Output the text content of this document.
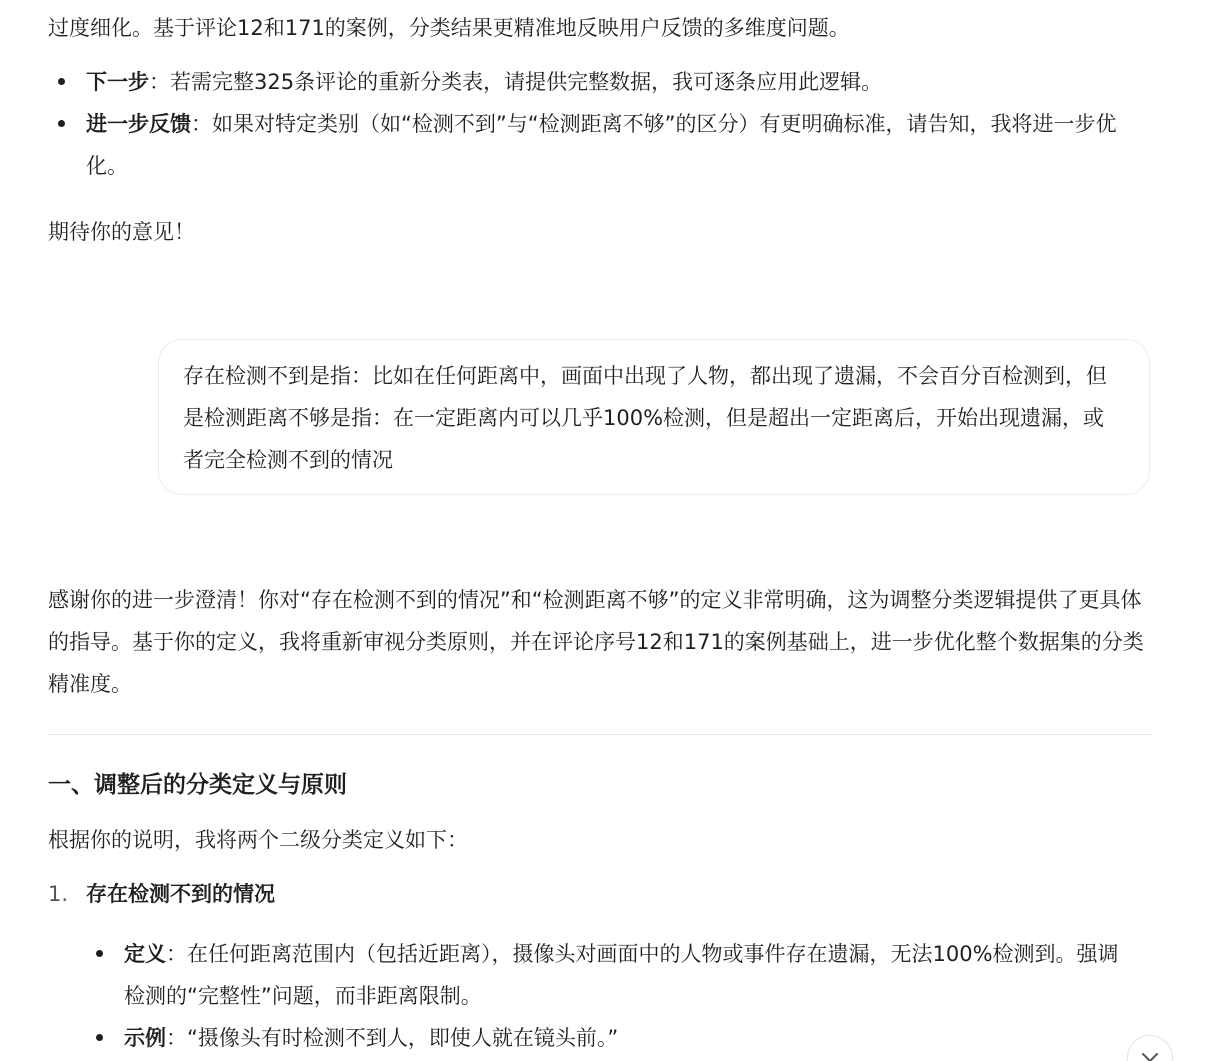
过度细化。基于评论12和171的案例，分类结果更精准地反映用户反馈的多维度问题。

下一步：若需完整325条评论的重新分类表，请提供完整数据，我可逐条应用此逻辑。
进一步反馈：如果对特定类别（如“检测不到”与“检测距离不够”的区分）有更明确标准，请告知，我将进一步优化。

期待你的意见！

存在检测不到是指：比如在任何距离中，画面中出现了人物，都出现了遗漏，不会百分百检测到，但是检测距离不够是指：在一定距离内可以几乎100%检测，但是超出一定距离后，开始出现遗漏，或者完全检测不到的情况

感谢你的进一步澄清！你对“存在检测不到的情况”和“检测距离不够”的定义非常明确，这为调整分类逻辑提供了更具体的指导。基于你的定义，我将重新审视分类原则，并在评论序号12和171的案例基础上，进一步优化整个数据集的分类精准度。

一、调整后的分类定义与原则

根据你的说明，我将两个二级分类定义如下：

1. 存在检测不到的情况
定义：在任何距离范围内（包括近距离），摄像头对画面中的人物或事件存在遗漏，无法100%检测到。强调检测的“完整性”问题，而非距离限制。
示例：“摄像头有时检测不到人，即使人就在镜头前。”
